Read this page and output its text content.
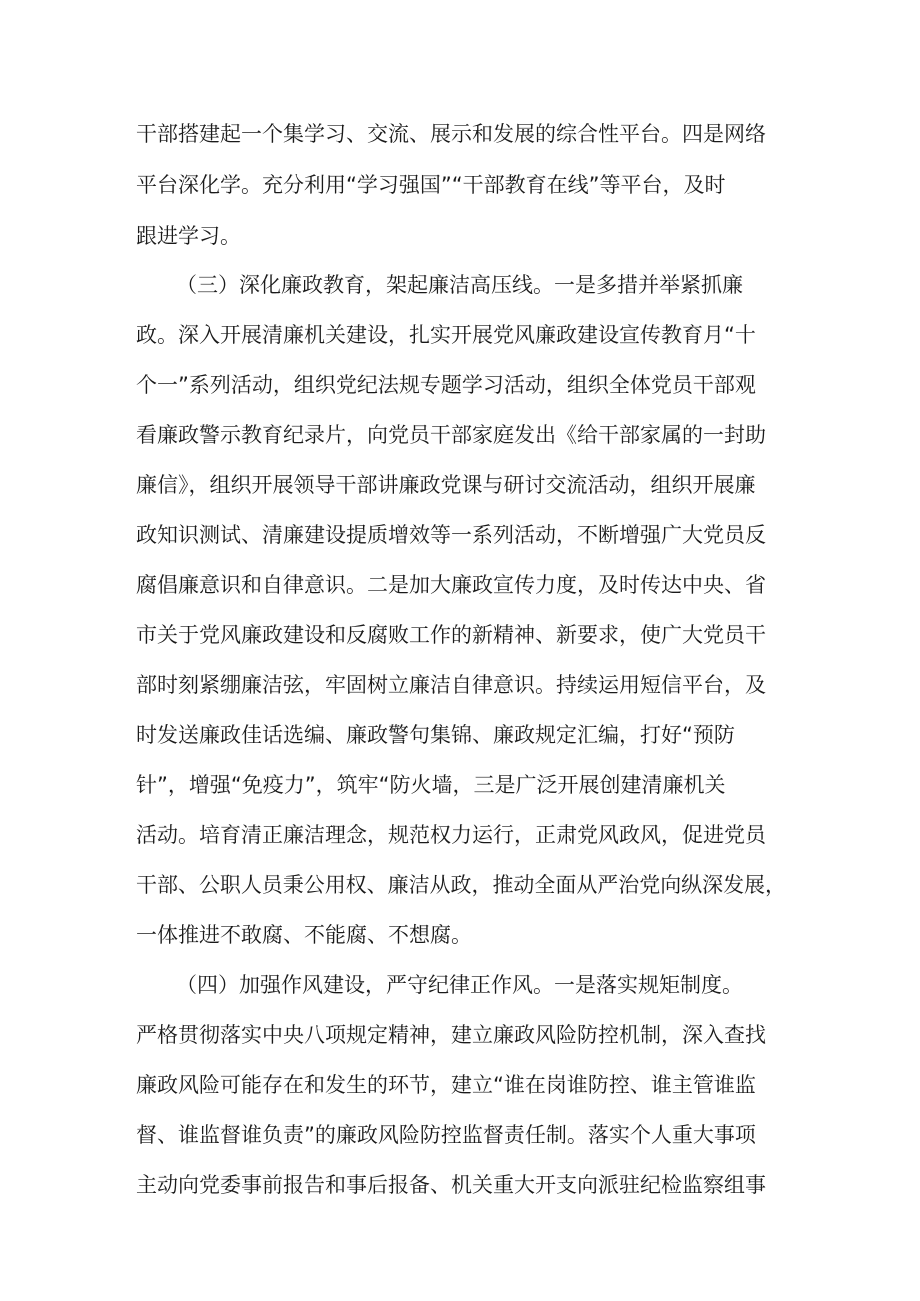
干部搭建起一个集学习、交流、展示和发展的综合性平台。四是网络
平台深化学。充分利用“学习强国”“干部教育在线”等平台，及时
跟进学习。
（三）深化廉政教育，架起廉洁高压线。一是多措并举紧抓廉
政。深入开展清廉机关建设，扎实开展党风廉政建设宣传教育月“十
个一”系列活动，组织党纪法规专题学习活动，组织全体党员干部观
看廉政警示教育纪录片，向党员干部家庭发出《给干部家属的一封助
廉信》，组织开展领导干部讲廉政党课与研讨交流活动，组织开展廉
政知识测试、清廉建设提质增效等一系列活动，不断增强广大党员反
腐倡廉意识和自律意识。二是加大廉政宣传力度，及时传达中央、省
市关于党风廉政建设和反腐败工作的新精神、新要求，使广大党员干
部时刻紧绷廉洁弦，牢固树立廉洁自律意识。持续运用短信平台，及
时发送廉政佳话选编、廉政警句集锦、廉政规定汇编，打好“预防
针”，增强“免疫力”，筑牢“防火墙，三是广泛开展创建清廉机关
活动。培育清正廉洁理念，规范权力运行，正肃党风政风，促进党员
干部、公职人员秉公用权、廉洁从政，推动全面从严治党向纵深发展，
一体推进不敢腐、不能腐、不想腐。
（四）加强作风建设，严守纪律正作风。一是落实规矩制度。
严格贯彻落实中央八项规定精神，建立廉政风险防控机制，深入查找
廉政风险可能存在和发生的环节，建立“谁在岗谁防控、谁主管谁监
督、谁监督谁负责”的廉政风险防控监督责任制。落实个人重大事项
主动向党委事前报告和事后报备、机关重大开支向派驻纪检监察组事
